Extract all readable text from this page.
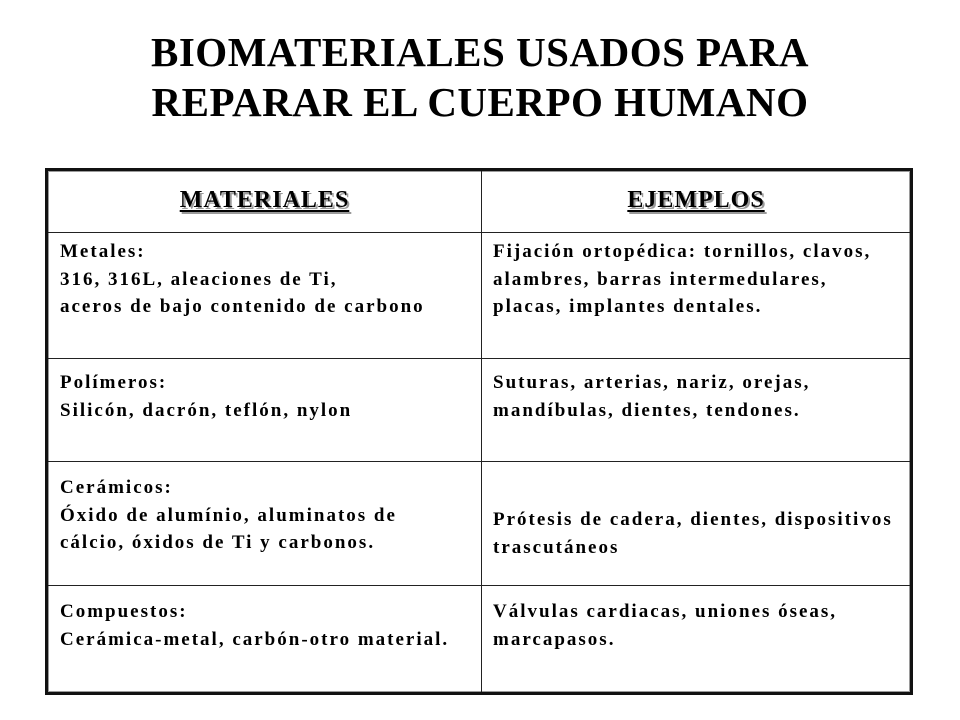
BIOMATERIALES USADOS PARA
REPARAR EL CUERPO HUMANO
MATERIALES	EJEMPLOS
Metales:
316, 316L, aleaciones de Ti,
aceros de bajo contenido de carbono
Fijación ortopédica: tornillos, clavos,
alambres, barras intermedulares,
placas, implantes dentales.
Polímeros:
Silicón, dacrón, teflón, nylon
Suturas, arterias, nariz, orejas,
mandíbulas, dientes, tendones.
Cerámicos:
Óxido de alumínio, aluminatos de
cálcio, óxidos de Ti y carbonos.
Prótesis de cadera, dientes, dispositivos
trascutáneos
Compuestos:
Cerámica-metal, carbón-otro material.
Válvulas cardiacas, uniones óseas,
marcapasos.
